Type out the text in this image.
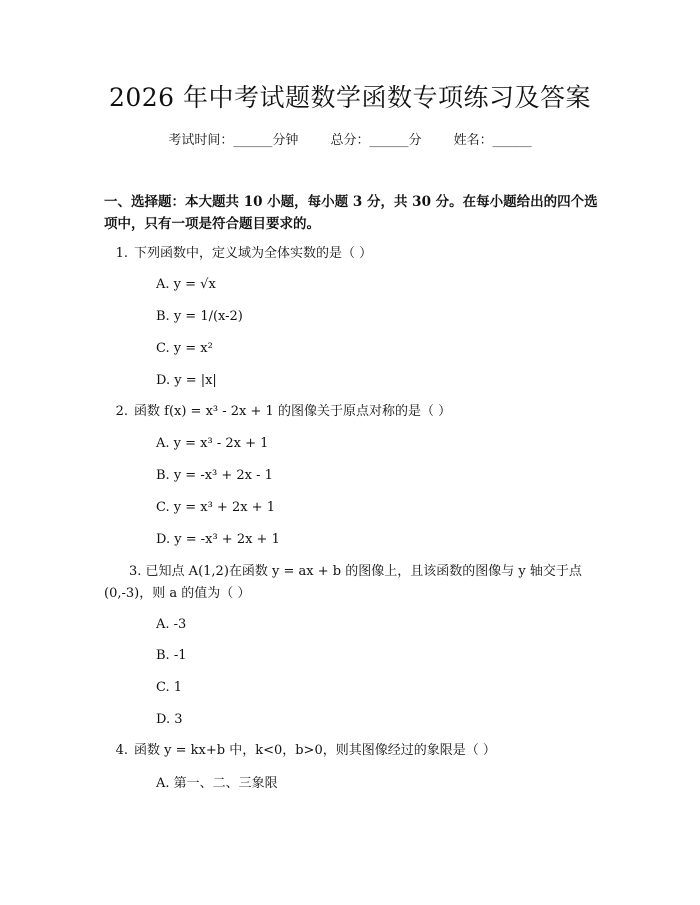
2026 年中考试题数学函数专项练习及答案
考试时间：______分钟 总分：______分 姓名：______

一、选择题：本大题共 10 小题，每小题 3 分，共 30 分。在每小题给出的四个选项中，只有一项是符合题目要求的。

1. 下列函数中，定义域为全体实数的是（ ）
A. y = √x
B. y = 1/(x-2)
C. y = x²
D. y = |x|
2. 函数 f(x) = x³ - 2x + 1 的图像关于原点对称的是（ ）
A. y = x³ - 2x + 1
B. y = -x³ + 2x - 1
C. y = x³ + 2x + 1
D. y = -x³ + 2x + 1
3. 已知点 A(1,2)在函数 y = ax + b 的图像上，且该函数的图像与 y 轴交于点(0,-3)，则 a 的值为（ ）
A. -3
B. -1
C. 1
D. 3
4. 函数 y = kx+b 中，k<0，b>0，则其图像经过的象限是（ ）
A. 第一、二、三象限
